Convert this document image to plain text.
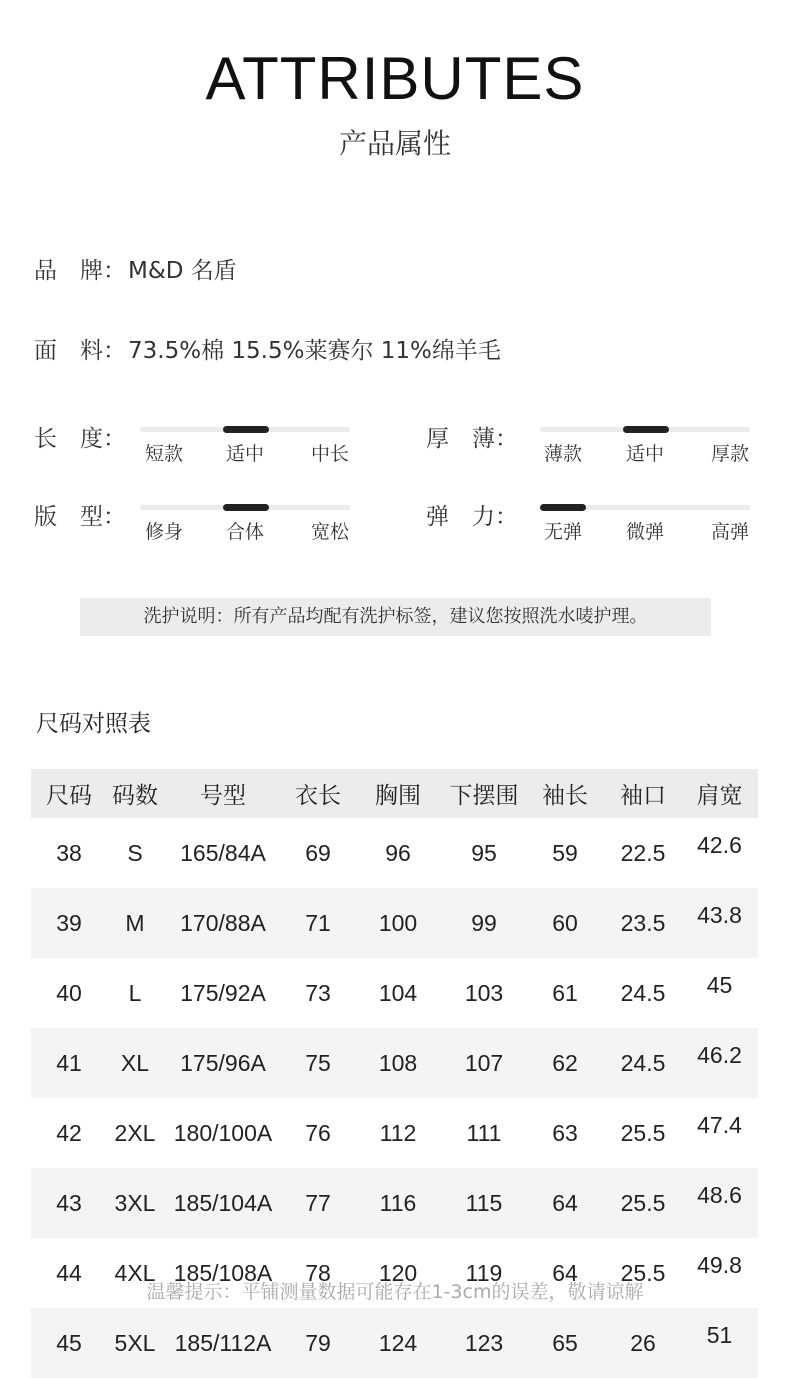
ATTRIBUTES
产品属性
品　牌：M&D 名盾
面　料：73.5%棉 15.5%莱赛尔 11%绵羊毛
长　度：
短款 适中 中长
厚　薄：
薄款 适中 厚款
版　型：
修身 合体 宽松
弹　力：
无弹 微弹 高弹
洗护说明：所有产品均配有洗护标签，建议您按照洗水唛护理。
尺码对照表
尺码	码数	号型	衣长	胸围	下摆围	袖长	袖口	肩宽
38	S	165/84A	69	96	95	59	22.5	42.6
39	M	170/88A	71	100	99	60	23.5	43.8
40	L	175/92A	73	104	103	61	24.5	45
41	XL	175/96A	75	108	107	62	24.5	46.2
42	2XL	180/100A	76	112	111	63	25.5	47.4
43	3XL	185/104A	77	116	115	64	25.5	48.6
44	4XL	185/108A	78	120	119	64	25.5	49.8
45	5XL	185/112A	79	124	123	65	26	51
温馨提示：平铺测量数据可能存在1-3cm的误差，敬请谅解
